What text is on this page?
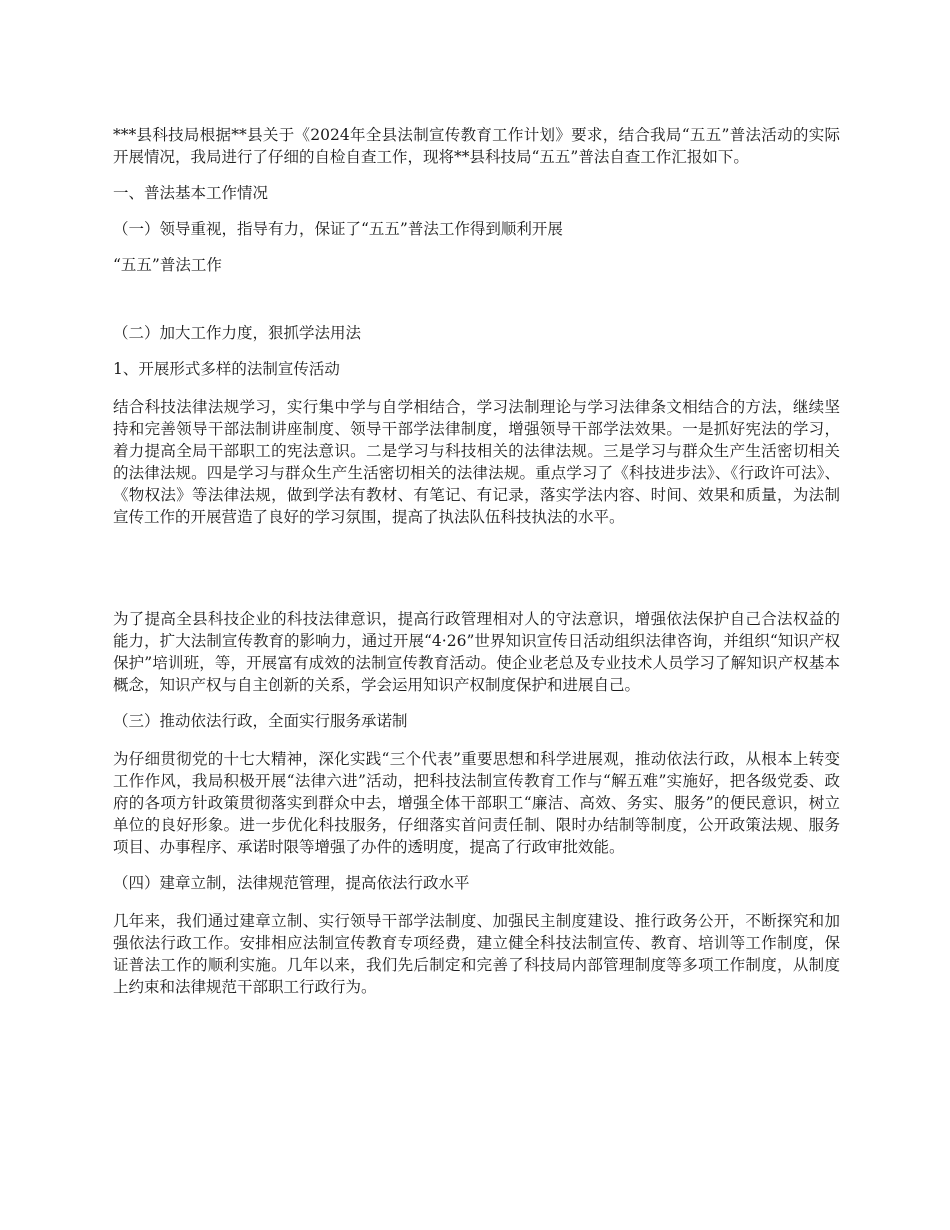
***县科技局根据**县关于《2024年全县法制宣传教育工作计划》要求，结合我局“五五”普法活动的实际开展情况，我局进行了仔细的自检自查工作，现将**县科技局“五五”普法自查工作汇报如下。

一、普法基本工作情况

（一）领导重视，指导有力，保证了“五五”普法工作得到顺利开展

“五五”普法工作

（二）加大工作力度，狠抓学法用法

1、开展形式多样的法制宣传活动

结合科技法律法规学习，实行集中学与自学相结合，学习法制理论与学习法律条文相结合的方法，继续坚持和完善领导干部法制讲座制度、领导干部学法律制度，增强领导干部学法效果。一是抓好宪法的学习，着力提高全局干部职工的宪法意识。二是学习与科技相关的法律法规。三是学习与群众生产生活密切相关的法律法规。四是学习与群众生产生活密切相关的法律法规。重点学习了《科技进步法》、《行政许可法》、《物权法》等法律法规，做到学法有教材、有笔记、有记录，落实学法内容、时间、效果和质量，为法制宣传工作的开展营造了良好的学习氛围，提高了执法队伍科技执法的水平。

为了提高全县科技企业的科技法律意识，提高行政管理相对人的守法意识，增强依法保护自己合法权益的能力，扩大法制宣传教育的影响力，通过开展“4·26”世界知识宣传日活动组织法律咨询，并组织“知识产权保护”培训班，等，开展富有成效的法制宣传教育活动。使企业老总及专业技术人员学习了解知识产权基本概念，知识产权与自主创新的关系，学会运用知识产权制度保护和进展自己。

（三）推动依法行政，全面实行服务承诺制

为仔细贯彻党的十七大精神，深化实践“三个代表”重要思想和科学进展观，推动依法行政，从根本上转变工作作风，我局积极开展“法律六进”活动，把科技法制宣传教育工作与“解五难”实施好，把各级党委、政府的各项方针政策贯彻落实到群众中去，增强全体干部职工“廉洁、高效、务实、服务”的便民意识，树立单位的良好形象。进一步优化科技服务，仔细落实首问责任制、限时办结制等制度，公开政策法规、服务项目、办事程序、承诺时限等增强了办件的透明度，提高了行政审批效能。

（四）建章立制，法律规范管理，提高依法行政水平

几年来，我们通过建章立制、实行领导干部学法制度、加强民主制度建设、推行政务公开，不断探究和加强依法行政工作。安排相应法制宣传教育专项经费，建立健全科技法制宣传、教育、培训等工作制度，保证普法工作的顺利实施。几年以来，我们先后制定和完善了科技局内部管理制度等多项工作制度，从制度上约束和法律规范干部职工行政行为。
